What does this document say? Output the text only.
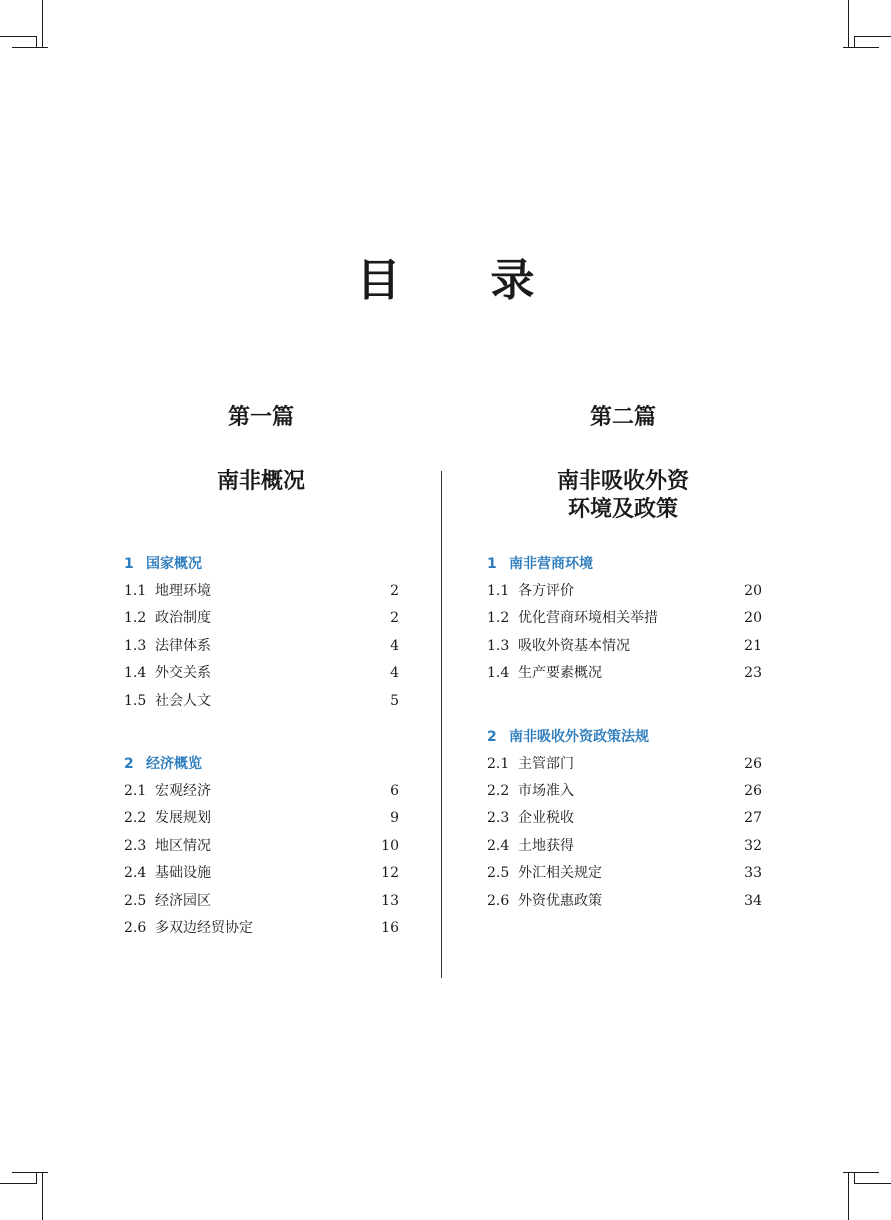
目 录
第一篇	第二篇
南非概况	南非吸收外资
环境及政策
1 国家概况
1.1 地理环境	2
1.2 政治制度	2
1.3 法律体系	4
1.4 外交关系	4
1.5 社会人文	5
2 经济概览
2.1 宏观经济	6
2.2 发展规划	9
2.3 地区情况	10
2.4 基础设施	12
2.5 经济园区	13
2.6 多双边经贸协定	16
1 南非营商环境
1.1 各方评价	20
1.2 优化营商环境相关举措	20
1.3 吸收外资基本情况	21
1.4 生产要素概况	23
2 南非吸收外资政策法规
2.1 主管部门	26
2.2 市场准入	26
2.3 企业税收	27
2.4 土地获得	32
2.5 外汇相关规定	33
2.6 外资优惠政策	34
